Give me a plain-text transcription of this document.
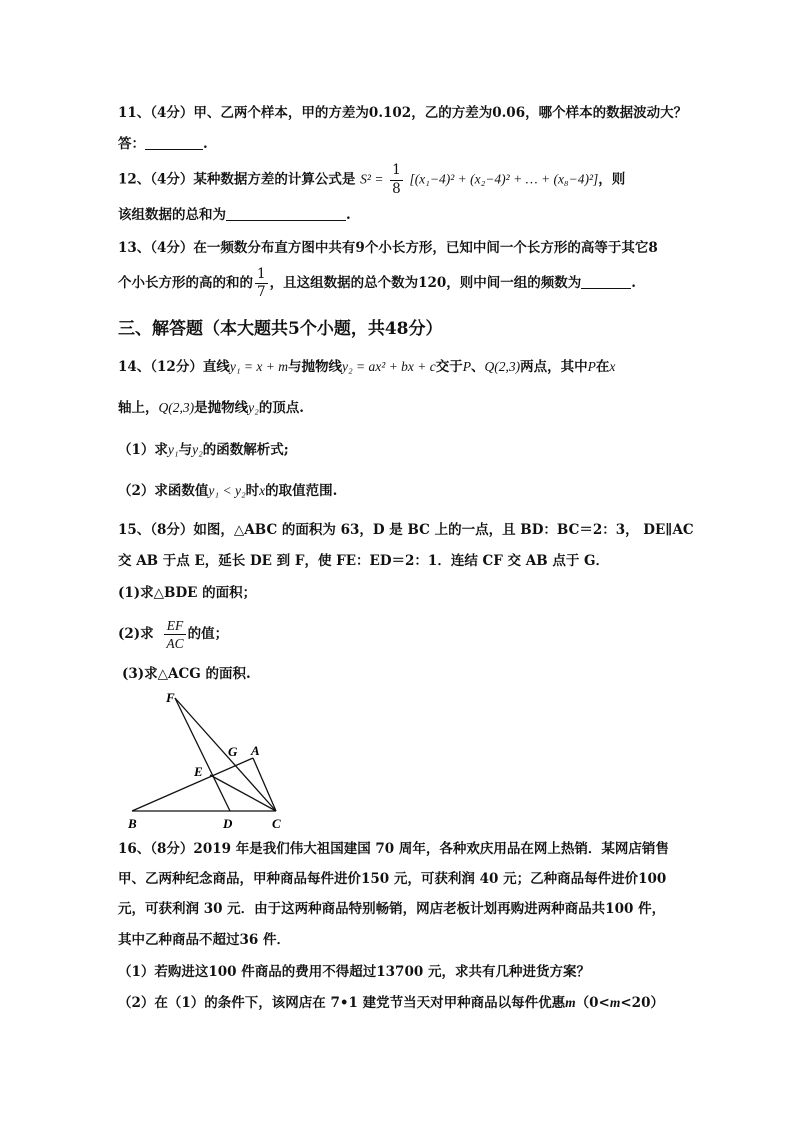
11、（4分）甲、乙两个样本，甲的方差为0.102，乙的方差为0.06，哪个样本的数据波动大？
答：	.
12、（4分）某种数据方差的计算公式是 $S^2 = \frac{1}{8} [(x_1-4)^2 + (x_2-4)^2$ + … + (x₈−4)²]，则
该组数据的总和为	.
13、（4分）在一频数分布直方图中共有9个小长方形，已知中间一个长方形的高等于其它8
个小长方形的高的和的 $\frac{1}{7}$ ，且这组数据的总个数为120，则中间一组的频数为	.
三、解答题（本大题共5个小题，共48分）
14、（12分）直线y₁ = x + m与抛物线y₂ = ax² + bx + c交于P、Q(2,3)两点，其中P在x
轴上，Q(2,3)是抛物线y₂的顶点.
（1）求y₁与y₂的函数解析式;
（2）求函数值y₁ < y₂时x的取值范围.
15、（8分）如图，△ABC 的面积为 63，D 是 BC 上的一点，且 BD：BC＝2：3， DE∥AC
交 AB 于点 E，延长 DE 到 F，使 FE：ED＝2：1．连结 CF 交 AB 点于 G．
(1)求△BDE 的面积；
(2)求 $\frac{EF}{AC}$ 的值；
(3)求△ACG 的面积.
F
G A
E
B	D	C
16、（8分）2019 年是我们伟大祖国建国 70 周年，各种欢庆用品在网上热销．某网店销售
甲、乙两种纪念商品，甲种商品每件进价150 元，可获利润 40 元；乙种商品每件进价100
元，可获利润 30 元．由于这两种商品特别畅销，网店老板计划再购进两种商品共100 件，
其中乙种商品不超过36 件．
（1）若购进这100 件商品的费用不得超过13700 元，求共有几种进货方案？
（2）在（1）的条件下，该网店在 7•1 建党节当天对甲种商品以每件优惠m（0<m<20）
